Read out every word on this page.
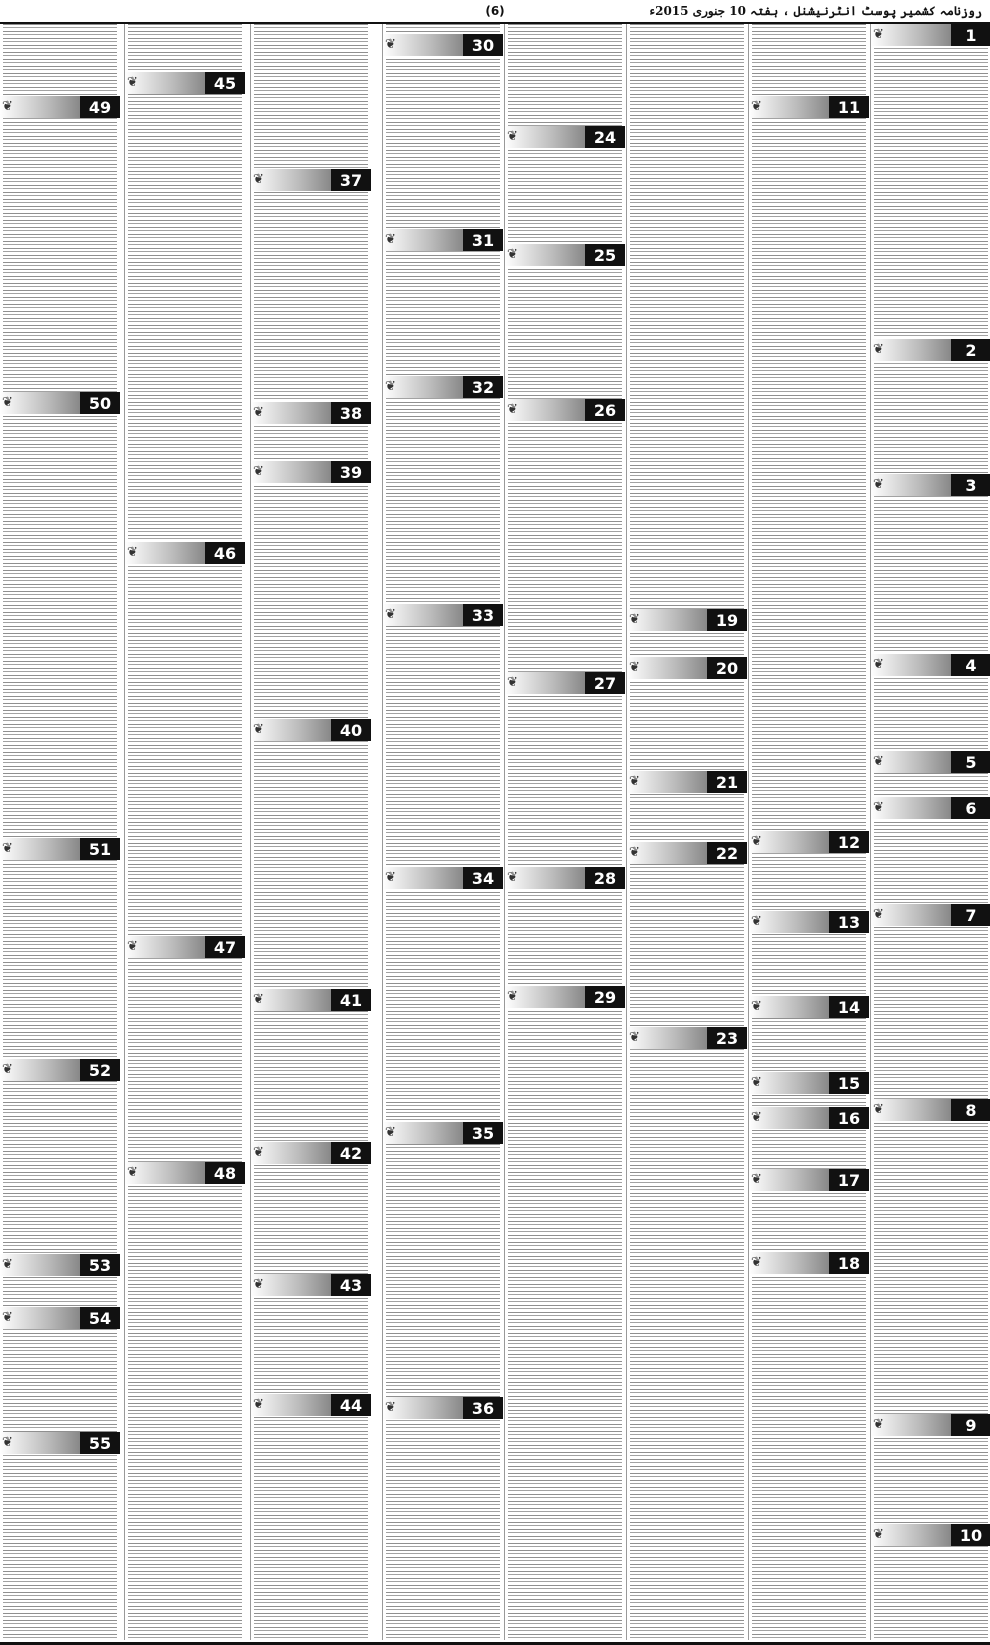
(6)	روزنامہ کشمیر پوسٹ انٹرنیشنل ، ہفتہ 10 جنوری 2015ء
1
❦
2
❦
3
❦
4
❦
5
❦
6
❦
7
❦
8
❦
9
❦
10
❦
11
❦
12
❦
13
❦
14
❦
15
❦
16
❦
17
❦
18
❦
19
❦
20
❦
21
❦
22
❦
23
❦
24
❦
25
❦
26
❦
27
❦
28
❦
29
❦
30
❦
31
❦
32
❦
33
❦
34
❦
35
❦
36
❦
37
❦
38
❦
39
❦
40
❦
41
❦
42
❦
43
❦
44
❦
45
❦
46
❦
47
❦
48
❦
49
❦
50
❦
51
❦
52
❦
53
❦
54
❦
55
❦
